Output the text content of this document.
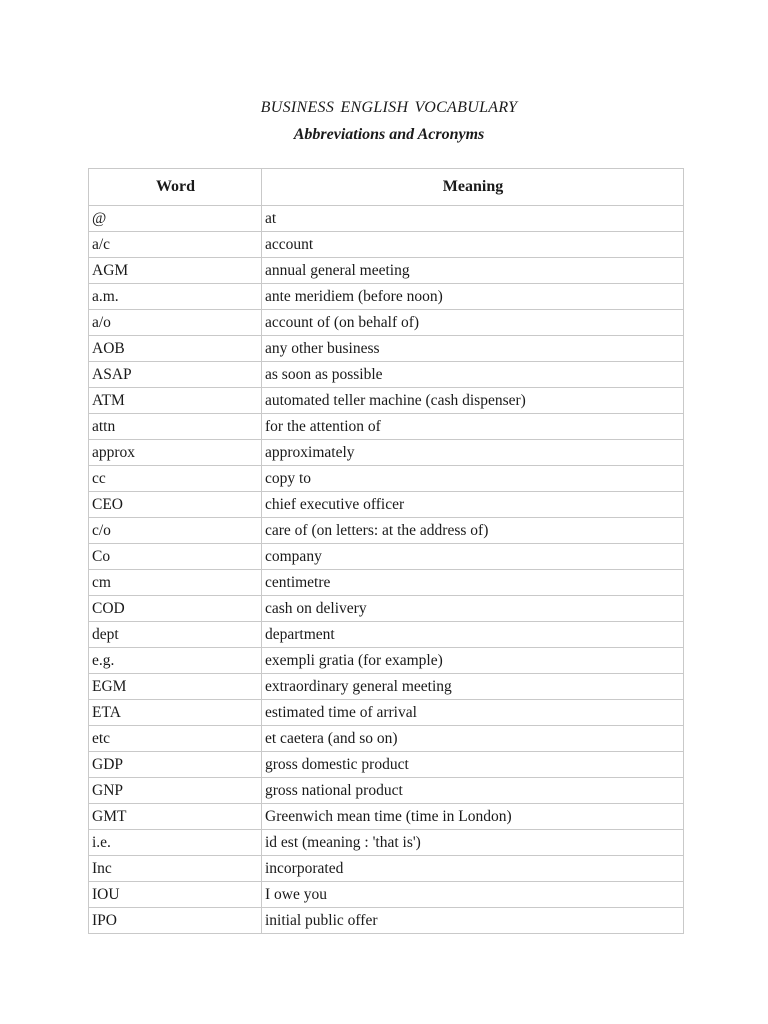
BUSINESS ENGLISH VOCABULARY
Abbreviations and Acronyms
Word	Meaning
@	at
a/c	account
AGM	annual general meeting
a.m.	ante meridiem (before noon)
a/o	account of (on behalf of)
AOB	any other business
ASAP	as soon as possible
ATM	automated teller machine (cash dispenser)
attn	for the attention of
approx	approximately
cc	copy to
CEO	chief executive officer
c/o	care of (on letters: at the address of)
Co	company
cm	centimetre
COD	cash on delivery
dept	department
e.g.	exempli gratia (for example)
EGM	extraordinary general meeting
ETA	estimated time of arrival
etc	et caetera (and so on)
GDP	gross domestic product
GNP	gross national product
GMT	Greenwich mean time (time in London)
i.e.	id est (meaning : 'that is')
Inc	incorporated
IOU	I owe you
IPO	initial public offer
